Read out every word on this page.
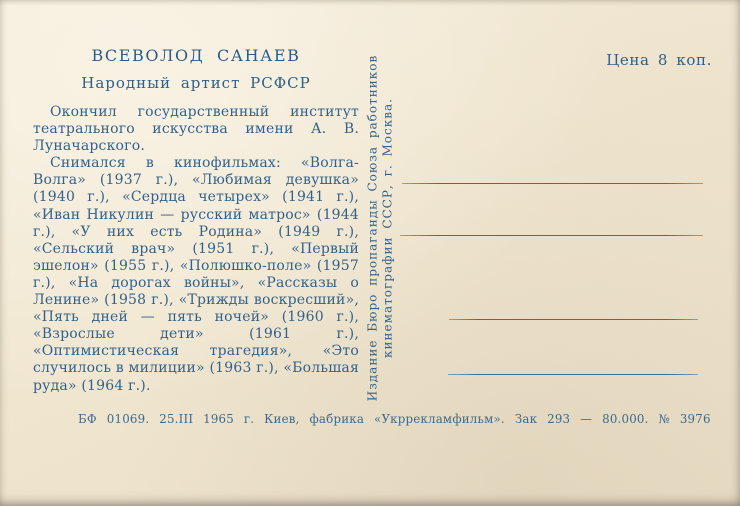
ВСЕВОЛОД САНАЕВ
Народный артист РСФСР
Цена 8 коп.

Окончил государственный институт театрального искусства имени А. В. Луначарского.

Снимался в кинофильмах: «Волга-Волга» (1937 г.), «Любимая девушка» (1940 г.), «Сердца четырех» (1941 г.), «Иван Никулин — русский матрос» (1944 г.), «У них есть Родина» (1949 г.), «Сельский врач» (1951 г.), «Первый эшелон» (1955 г.), «Полюшко-поле» (1957 г.), «На дорогах войны», «Рассказы о Ленине» (1958 г.), «Трижды воскресший», «Пять дней — пять ночей» (1960 г.), «Взрослые дети» (1961 г.), «Оптимистическая трагедия», «Это случилось в милиции» (1963 г.), «Большая руда» (1964 г.).	Издание Бюро пропаганды Союза работников кинематографии СССР, г. Москва.
БФ 01069. 25.III 1965 г. Киев, фабрика «Укррекламфильм». Зак 293 — 80.000. № 3976
